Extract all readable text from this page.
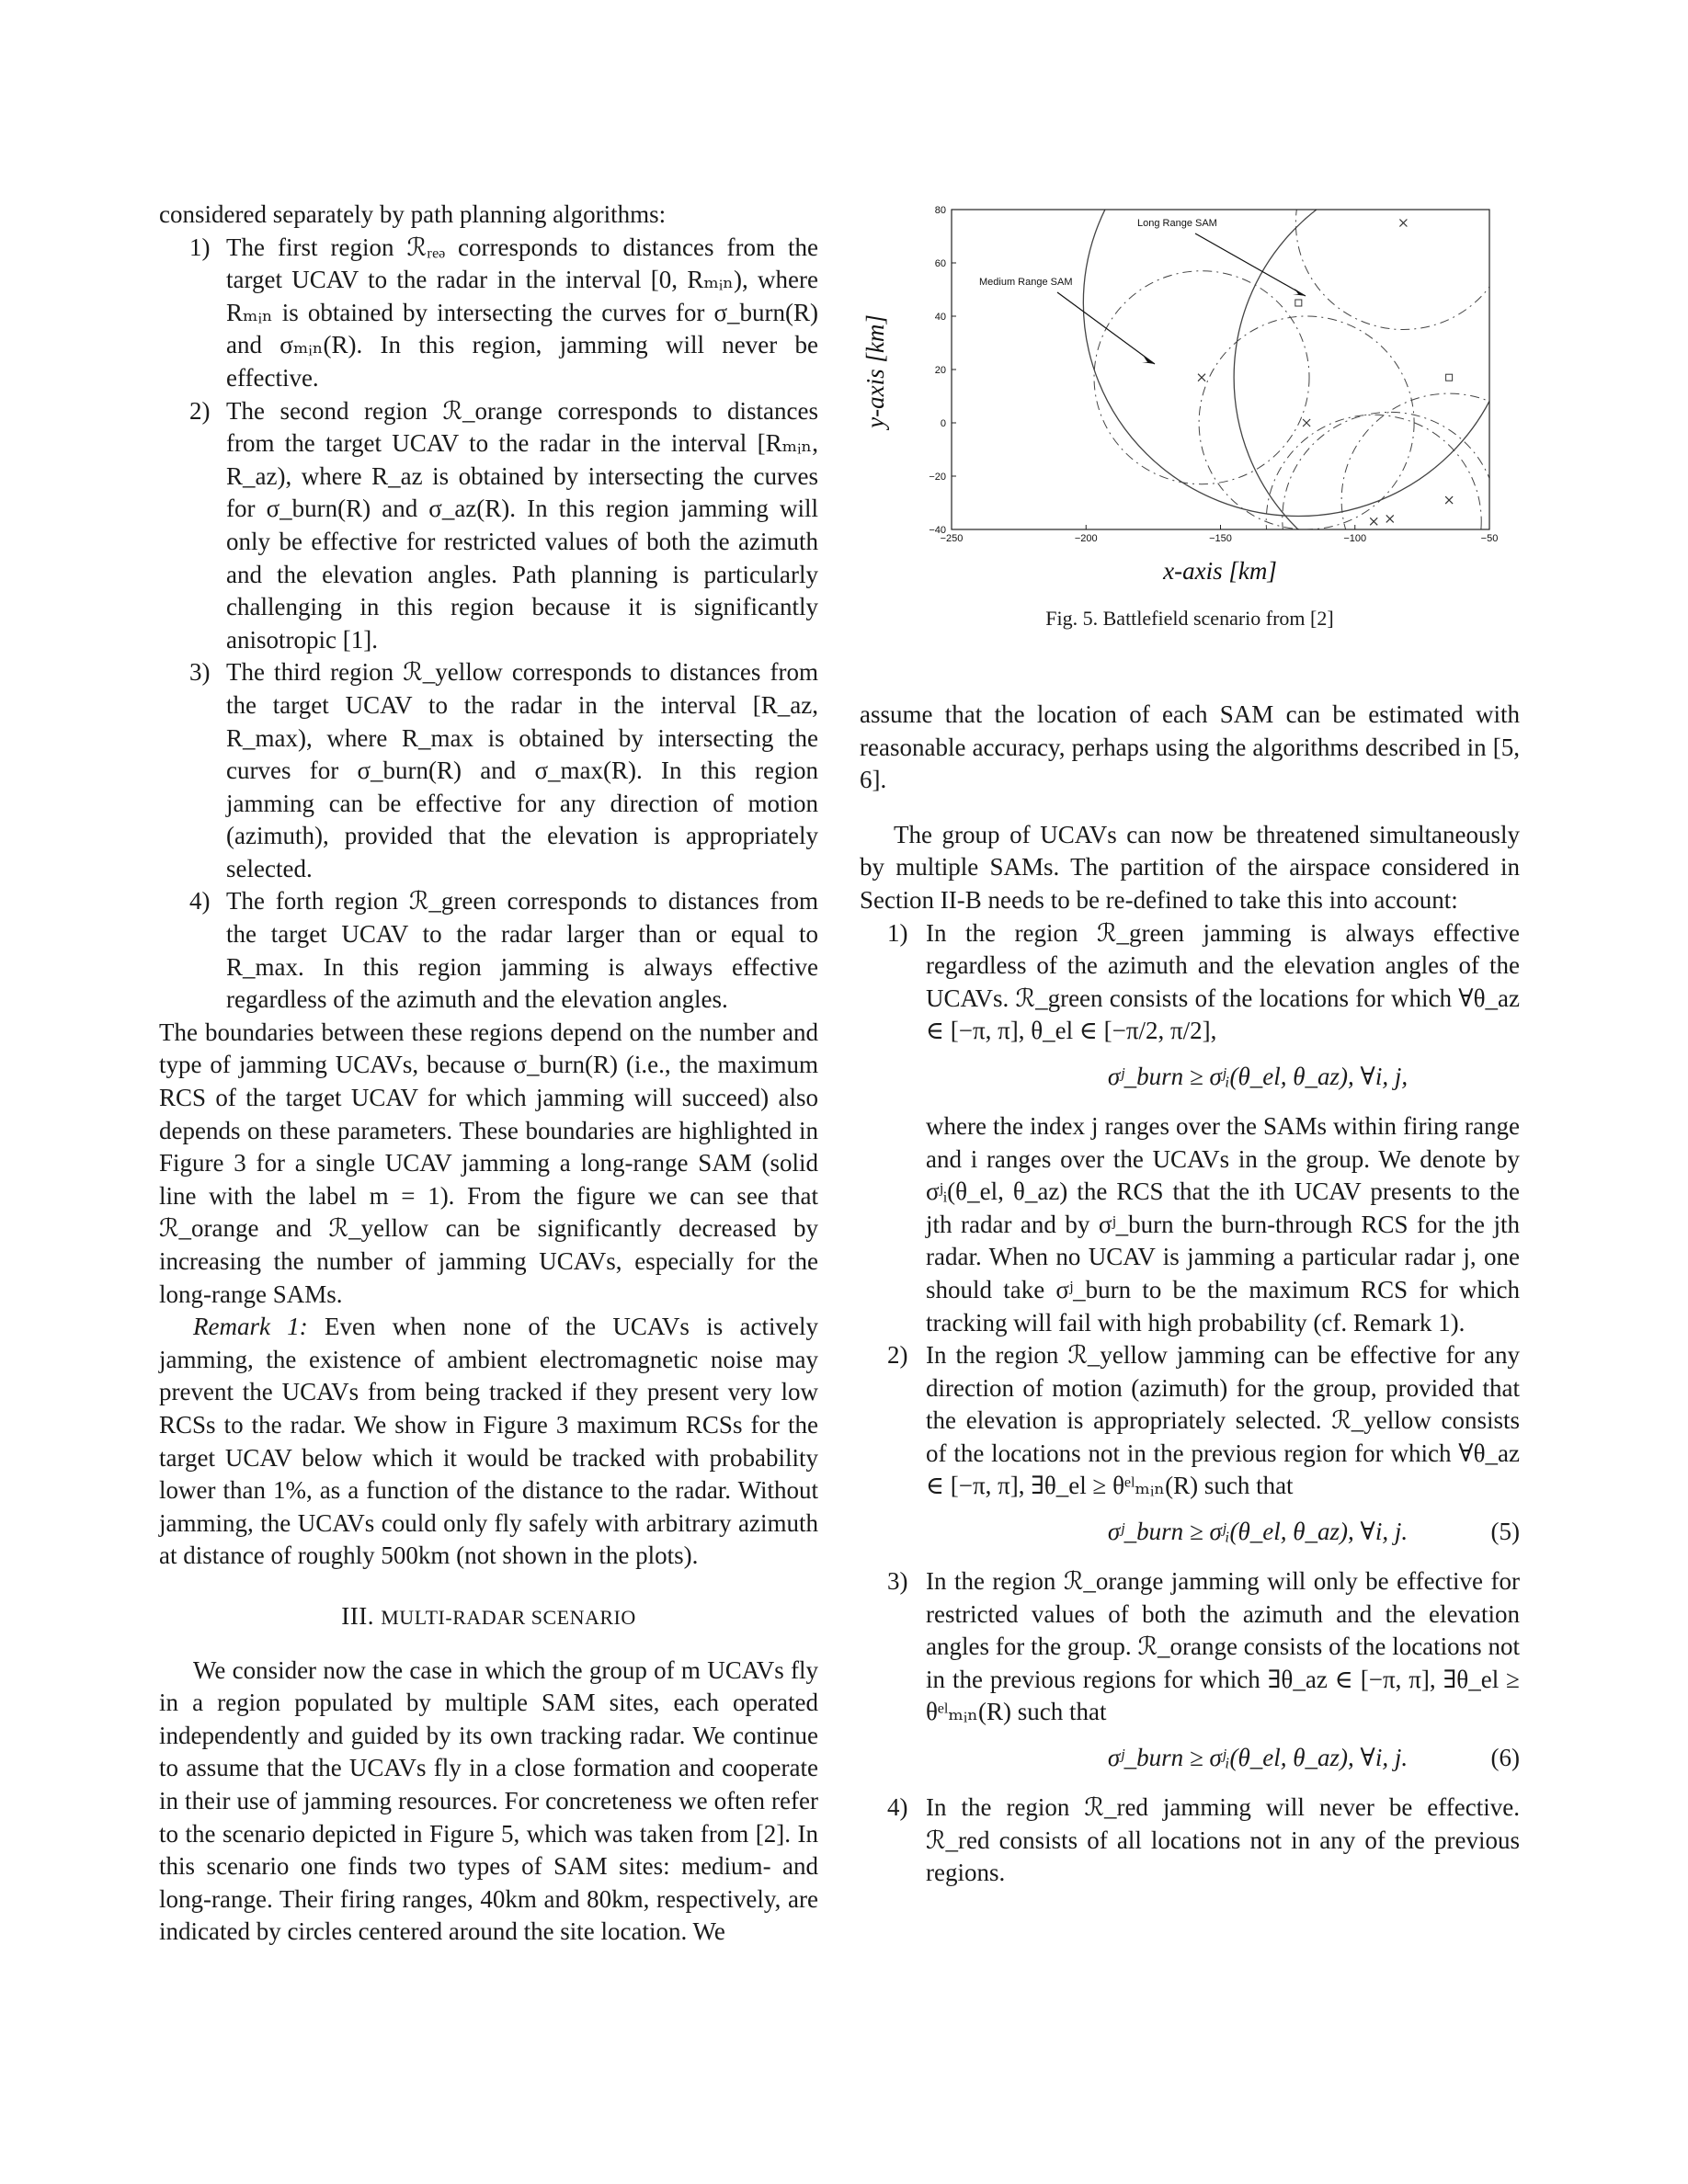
considered separately by path planning algorithms:

1) The first region ℛᵣₑₔ corresponds to distances from the target UCAV to the radar in the interval [0, Rₘᵢₙ), where Rₘᵢₙ is obtained by intersecting the curves for σ_burn(R) and σₘᵢₙ(R). In this region, jamming will never be effective.
2) The second region ℛ_orange corresponds to distances from the target UCAV to the radar in the interval [Rₘᵢₙ, R_az), where R_az is obtained by intersecting the curves for σ_burn(R) and σ_az(R). In this region jamming will only be effective for restricted values of both the azimuth and the elevation angles. Path planning is particularly challenging in this region because it is significantly anisotropic [1].
3) The third region ℛ_yellow corresponds to distances from the target UCAV to the radar in the interval [R_az, R_max), where R_max is obtained by intersecting the curves for σ_burn(R) and σ_max(R). In this region jamming can be effective for any direction of motion (azimuth), provided that the elevation is appropriately selected.
4) The forth region ℛ_green corresponds to distances from the target UCAV to the radar larger than or equal to R_max. In this region jamming is always effective regardless of the azimuth and the elevation angles.

The boundaries between these regions depend on the number and type of jamming UCAVs, because σ_burn(R) (i.e., the maximum RCS of the target UCAV for which jamming will succeed) also depends on these parameters. These boundaries are highlighted in Figure 3 for a single UCAV jamming a long-range SAM (solid line with the label m = 1). From the figure we can see that ℛ_orange and ℛ_yellow can be significantly decreased by increasing the number of jamming UCAVs, especially for the long-range SAMs.

Remark 1: Even when none of the UCAVs is actively jamming, the existence of ambient electromagnetic noise may prevent the UCAVs from being tracked if they present very low RCSs to the radar. We show in Figure 3 maximum RCSs for the target UCAV below which it would be tracked with probability lower than 1%, as a function of the distance to the radar. Without jamming, the UCAVs could only fly safely with arbitrary azimuth at distance of roughly 500km (not shown in the plots).

III. MULTI-RADAR SCENARIO

We consider now the case in which the group of m UCAVs fly in a region populated by multiple SAM sites, each operated independently and guided by its own tracking radar. We continue to assume that the UCAVs fly in a close formation and cooperate in their use of jamming resources. For concreteness we often refer to the scenario depicted in Figure 5, which was taken from [2]. In this scenario one finds two types of SAM sites: medium- and long-range. Their firing ranges, 40km and 80km, respectively, are indicated by circles centered around the site location. We

−250	−200	−150	−100	−50
80
60
40
20
0
−20
−40
Long Range SAM
Medium Range SAM
x-axis [km]
y-axis [km]
Fig. 5. Battlefield scenario from [2]

assume that the location of each SAM can be estimated with reasonable accuracy, perhaps using the algorithms described in [5, 6].

The group of UCAVs can now be threatened simultaneously by multiple SAMs. The partition of the airspace considered in Section II-B needs to be re-defined to take this into account:

1) In the region ℛ_green jamming is always effective regardless of the azimuth and the elevation angles of the UCAVs. ℛ_green consists of the locations for which ∀θ_az ∈ [−π, π], θ_el ∈ [−π/2, π/2],
σʲ_burn ≥ σʲᵢ(θ_el, θ_az), ∀i, j,
where the index j ranges over the SAMs within firing range and i ranges over the UCAVs in the group. We denote by σʲᵢ(θ_el, θ_az) the RCS that the ith UCAV presents to the jth radar and by σʲ_burn the burn-through RCS for the jth radar. When no UCAV is jamming a particular radar j, one should take σʲ_burn to be the maximum RCS for which tracking will fail with high probability (cf. Remark 1).
2) In the region ℛ_yellow jamming can be effective for any direction of motion (azimuth) for the group, provided that the elevation is appropriately selected. ℛ_yellow consists of the locations not in the previous region for which ∀θ_az ∈ [−π, π], ∃θ_el ≥ θᵉˡₘᵢₙ(R) such that
σʲ_burn ≥ σʲᵢ(θ_el, θ_az), ∀i, j.	(5)
3) In the region ℛ_orange jamming will only be effective for restricted values of both the azimuth and the elevation angles for the group. ℛ_orange consists of the locations not in the previous regions for which ∃θ_az ∈ [−π, π], ∃θ_el ≥ θᵉˡₘᵢₙ(R) such that
σʲ_burn ≥ σʲᵢ(θ_el, θ_az), ∀i, j.	(6)
4) In the region ℛ_red jamming will never be effective. ℛ_red consists of all locations not in any of the previous regions.
